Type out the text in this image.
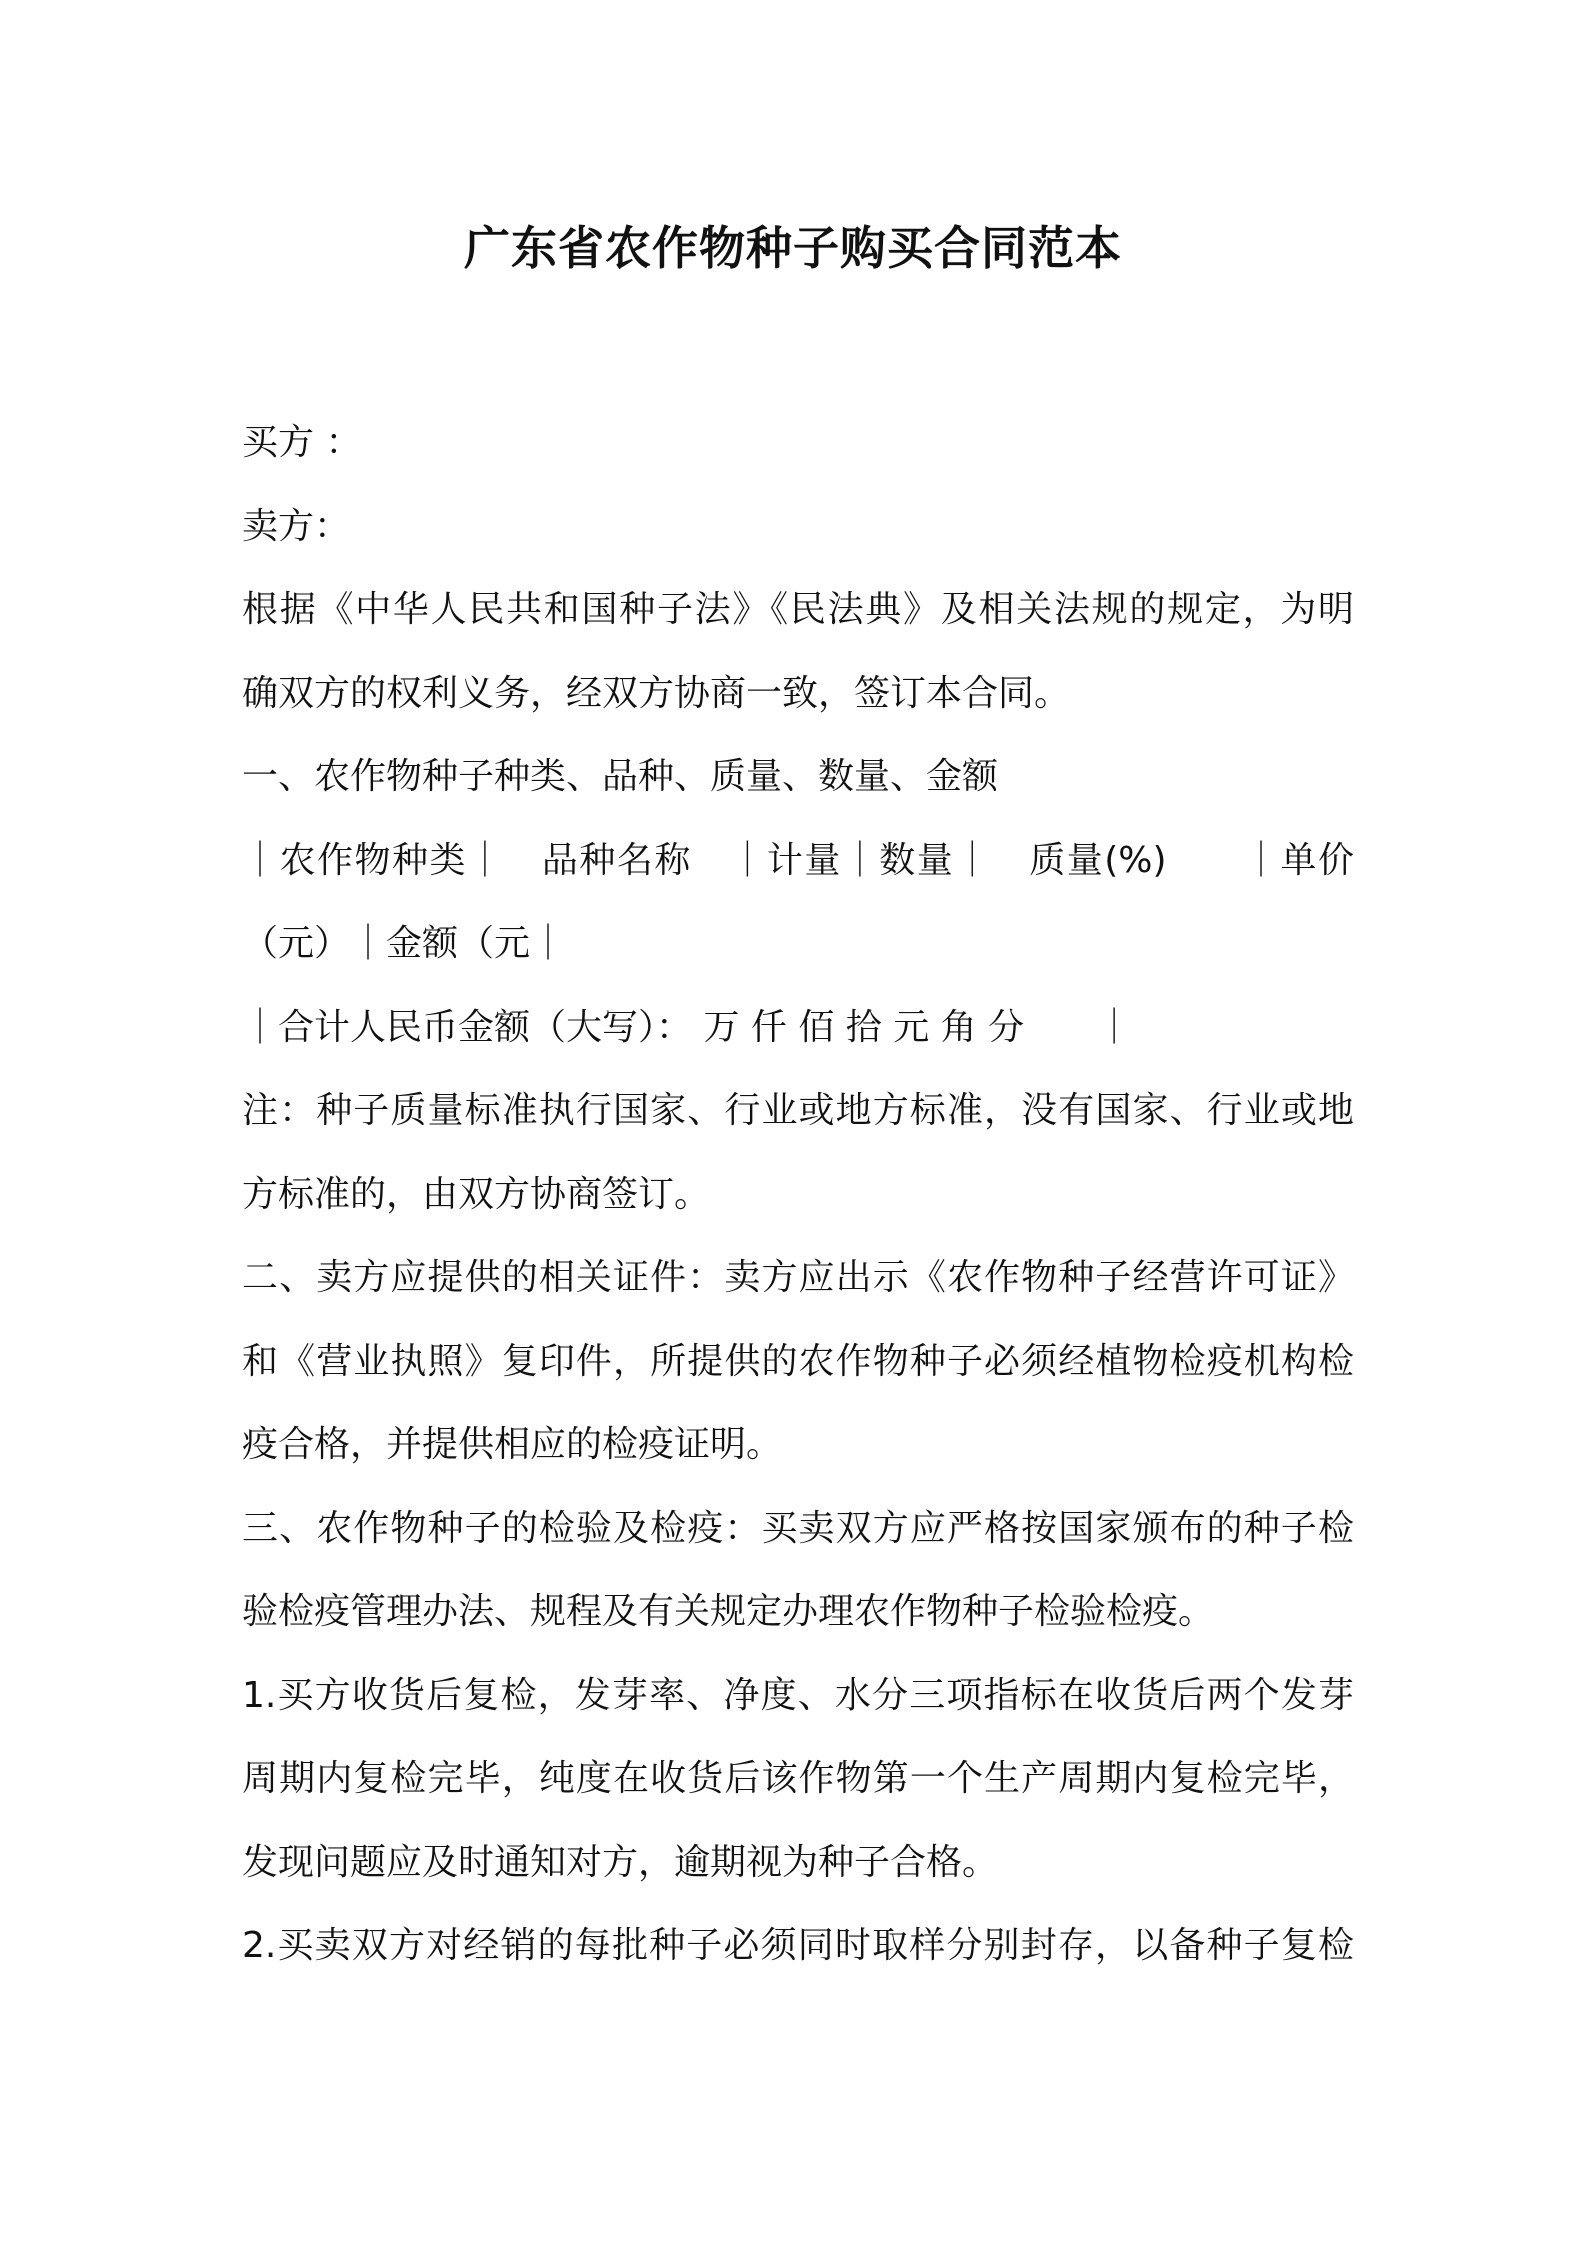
广东省农作物种子购买合同范本
买方 ：
卖方：
根据《中华人民共和国种子法》《民法典》及相关法规的规定，为明
确双方的权利义务，经双方协商一致，签订本合同。
一、农作物种子种类、品种、质量、数量、金额
｜农作物种类｜　品种名称　｜计量｜数量｜　质量(%)　　｜单价
（元）｜金额（元｜
｜合计人民币金额（大写）： 万 仟 佰 拾 元 角 分　　｜
注：种子质量标准执行国家、行业或地方标准，没有国家、行业或地
方标准的，由双方协商签订。
二、卖方应提供的相关证件：卖方应出示《农作物种子经营许可证》
和《营业执照》复印件，所提供的农作物种子必须经植物检疫机构检
疫合格，并提供相应的检疫证明。
三、农作物种子的检验及检疫：买卖双方应严格按国家颁布的种子检
验检疫管理办法、规程及有关规定办理农作物种子检验检疫。
1.买方收货后复检，发芽率、净度、水分三项指标在收货后两个发芽
周期内复检完毕，纯度在收货后该作物第一个生产周期内复检完毕，
发现问题应及时通知对方，逾期视为种子合格。
2.买卖双方对经销的每批种子必须同时取样分别封存，以备种子复检
